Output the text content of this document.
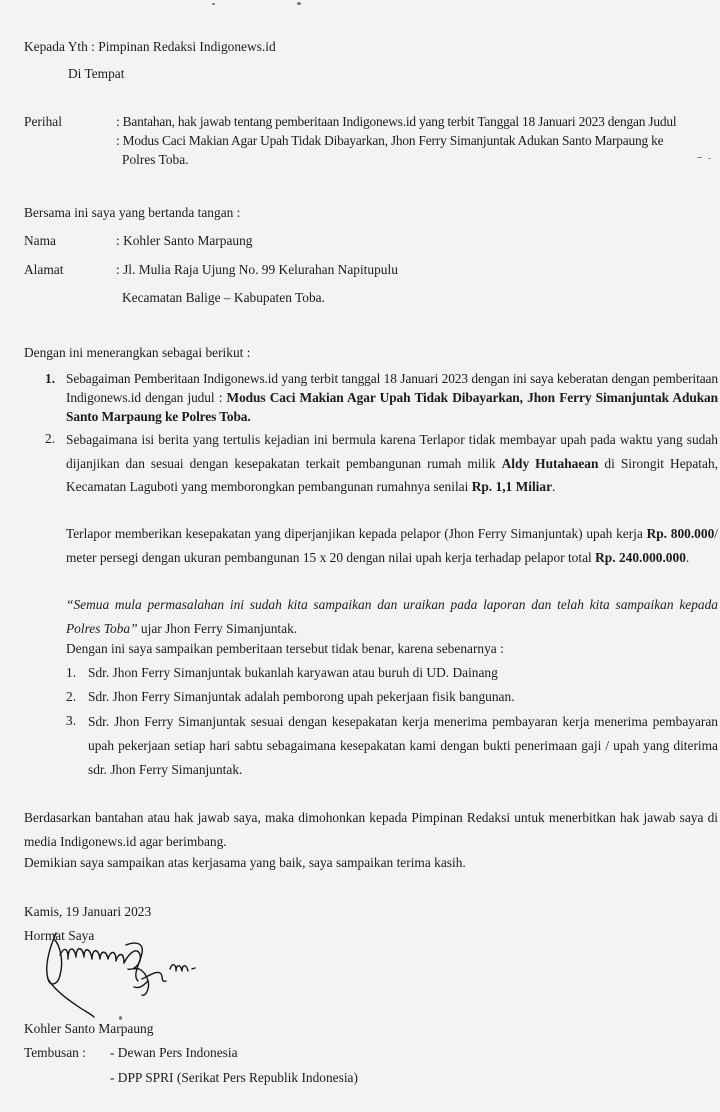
Kepada Yth : Pimpinan Redaksi Indigonews.id
Di Tempat
Perihal	: Bantahan, hak jawab tentang pemberitaan Indigonews.id yang terbit Tanggal 18 Januari 2023 dengan Judul
: Modus Caci Makian Agar Upah Tidak Dibayarkan, Jhon Ferry Simanjuntak Adukan Santo Marpaung ke
Polres Toba.
Bersama ini saya yang bertanda tangan :
Nama	: Kohler Santo Marpaung
Alamat	: Jl. Mulia Raja Ujung No. 99 Kelurahan Napitupulu
Kecamatan Balige – Kabupaten Toba.
Dengan ini menerangkan sebagai berikut :
1. Sebagaiman Pemberitaan Indigonews.id yang terbit tanggal 18 Januari 2023 dengan ini saya keberatan dengan pemberitaan Indigonews.id dengan judul : Modus Caci Makian Agar Upah Tidak Dibayarkan, Jhon Ferry Simanjuntak Adukan Santo Marpaung ke Polres Toba.
2. Sebagaimana isi berita yang tertulis kejadian ini bermula karena Terlapor tidak membayar upah pada waktu yang sudah dijanjikan dan sesuai dengan kesepakatan terkait pembangunan rumah milik Aldy Hutahaean di Sirongit Hepatah, Kecamatan Laguboti yang memborongkan pembangunan rumahnya senilai Rp. 1,1 Miliar.
Terlapor memberikan kesepakatan yang diperjanjikan kepada pelapor (Jhon Ferry Simanjuntak) upah kerja Rp. 800.000/ meter persegi dengan ukuran pembangunan 15 x 20 dengan nilai upah kerja terhadap pelapor total Rp. 240.000.000.
“Semua mula permasalahan ini sudah kita sampaikan dan uraikan pada laporan dan telah kita sampaikan kepada Polres Toba” ujar Jhon Ferry Simanjuntak.
Dengan ini saya sampaikan pemberitaan tersebut tidak benar, karena sebenarnya :
1. Sdr. Jhon Ferry Simanjuntak bukanlah karyawan atau buruh di UD. Dainang
2. Sdr. Jhon Ferry Simanjuntak adalah pemborong upah pekerjaan fisik bangunan.
3. Sdr. Jhon Ferry Simanjuntak sesuai dengan kesepakatan kerja menerima pembayaran kerja menerima pembayaran upah pekerjaan setiap hari sabtu sebagaimana kesepakatan kami dengan bukti penerimaan gaji / upah yang diterima sdr. Jhon Ferry Simanjuntak.
Berdasarkan bantahan atau hak jawab saya, maka dimohonkan kepada Pimpinan Redaksi untuk menerbitkan hak jawab saya di media Indigonews.id agar berimbang.
Demikian saya sampaikan atas kerjasama yang baik, saya sampaikan terima kasih.
Kamis, 19 Januari 2023
Hormat Saya
Kohler Santo Marpaung
Tembusan : - Dewan Pers Indonesia
- DPP SPRI (Serikat Pers Republik Indonesia)
